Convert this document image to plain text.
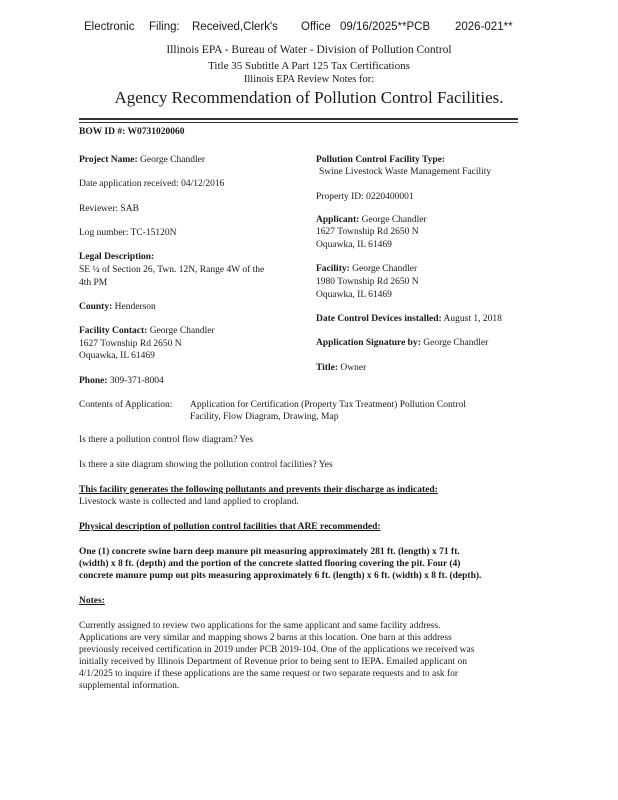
Electronic Filing: Received,Clerk's Office 09/16/2025**PCB 2026-021**
Illinois EPA - Bureau of Water - Division of Pollution Control
Title 35 Subtitle A Part 125 Tax Certifications
Illinois EPA Review Notes for:
Agency Recommendation of Pollution Control Facilities.
BOW ID #: W0731020060
Project Name: George Chandler
Date application received: 04/12/2016
Reviewer: SAB
Log number: TC-15120N
Legal Description:
SE ¼ of Section 26, Twn. 12N, Range 4W of the
4th PM
County: Henderson
Facility Contact: George Chandler
1627 Township Rd 2650 N
Oquawka, IL 61469
Phone: 309-371-8004
Pollution Control Facility Type:
Swine Livestock Waste Management Facility
Property ID: 0220400001
Applicant: George Chandler
1627 Township Rd 2650 N
Oquawka, IL 61469
Facility: George Chandler
1980 Township Rd 2650 N
Oquawka, IL 61469
Date Control Devices installed: August 1, 2018
Application Signature by: George Chandler
Title: Owner
Contents of Application: Application for Certification (Property Tax Treatment) Pollution Control
Facility, Flow Diagram, Drawing, Map
Is there a pollution control flow diagram? Yes
Is there a site diagram showing the pollution control facilities? Yes
This facility generates the following pollutants and prevents their discharge as indicated:
Livestock waste is collected and land applied to cropland.
Physical description of pollution control facilities that ARE recommended:
One (1) concrete swine barn deep manure pit measuring approximately 281 ft. (length) x 71 ft.
(width) x 8 ft. (depth) and the portion of the concrete slatted flooring covering the pit. Four (4)
concrete manure pump out pits measuring approximately 6 ft. (length) x 6 ft. (width) x 8 ft. (depth).
Notes:
Currently assigned to review two applications for the same applicant and same facility address.
Applications are very similar and mapping shows 2 barns at this location. One barn at this address
previously received certification in 2019 under PCB 2019-104. One of the applications we received was
initially received by Illinois Department of Revenue prior to being sent to IEPA. Emailed applicant on
4/1/2025 to inquire if these applications are the same request or two separate requests and to ask for
supplemental information.
